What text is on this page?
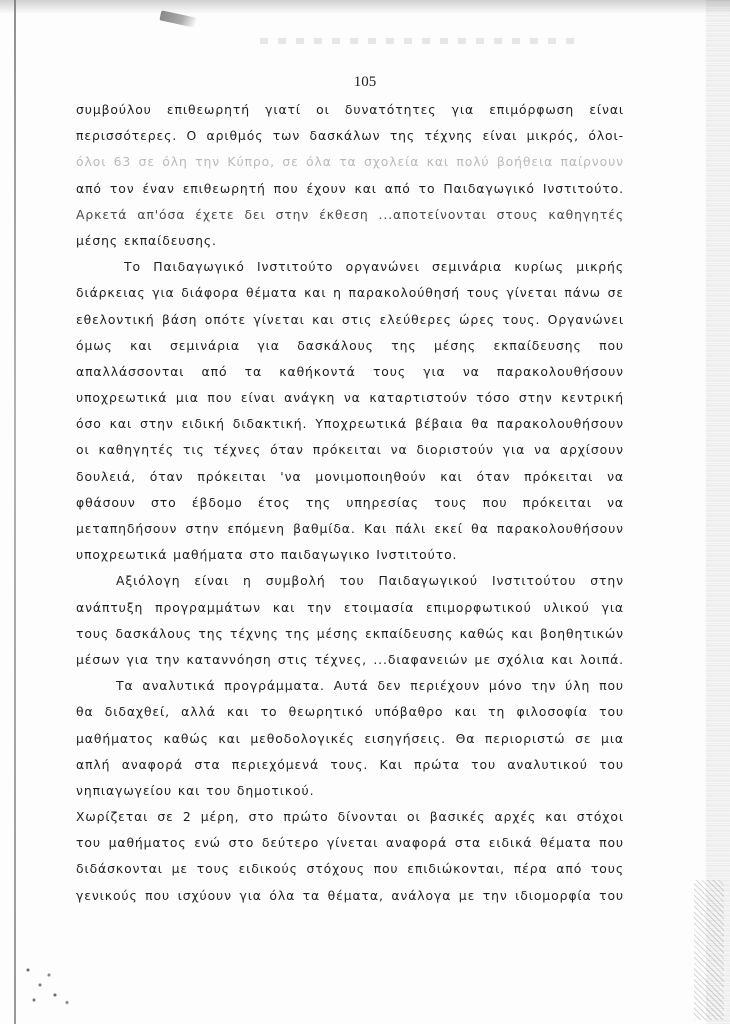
105
συμβούλου επιθεωρητή γιατί οι δυνατότητες για επιμόρφωση είναι
περισσότερες. Ο αριθμός των δασκάλων της τέχνης είναι μικρός, όλοι-
όλοι 63 σε όλη την Κύπρο, σε όλα τα σχολεία και πολύ βοήθεια παίρνουν
από τον έναν επιθεωρητή που έχουν και από το Παιδαγωγικό Ινστιτούτο.
Αρκετά απ'όσα έχετε δει στην έκθεση ...αποτείνονται στους καθηγητές
μέσης εκπαίδευσης.
Το Παιδαγωγικό Ινστιτούτο οργανώνει σεμινάρια κυρίως μικρής
διάρκειας για διάφορα θέματα και η παρακολούθησή τους γίνεται πάνω σε
εθελοντική βάση οπότε γίνεται και στις ελεύθερες ώρες τους. Οργανώνει
όμως και σεμινάρια για δασκάλους της μέσης εκπαίδευσης που
απαλλάσσονται από τα καθήκοντά τους για να παρακολουθήσουν
υποχρεωτικά μια που είναι ανάγκη να καταρτιστούν τόσο στην κεντρική
όσο και στην ειδική διδακτική. Υποχρεωτικά βέβαια θα παρακολουθήσουν
οι καθηγητές τις τέχνες όταν πρόκειται να διοριστούν για να αρχίσουν
δουλειά, όταν πρόκειται 'να μονιμοποιηθούν και όταν πρόκειται να
φθάσουν στο έβδομο έτος της υπηρεσίας τους που πρόκειται να
μεταπηδήσουν στην επόμενη βαθμίδα. Και πάλι εκεί θα παρακολουθήσουν
υποχρεωτικά μαθήματα στο παιδαγωγικο Ινστιτούτο.
Αξιόλογη είναι η συμβολή του Παιδαγωγικού Ινστιτούτου στην
ανάπτυξη προγραμμάτων και την ετοιμασία επιμορφωτικού υλικού για
τους δασκάλους της τέχνης της μέσης εκπαίδευσης καθώς και βοηθητικών
μέσων για την καταννόηση στις τέχνες, ...διαφανειών με σχόλια και λοιπά.
Τα αναλυτικά προγράμματα. Αυτά δεν περιέχουν μόνο την ύλη που
θα διδαχθεί, αλλά και το θεωρητικό υπόβαθρο και τη φιλοσοφία του
μαθήματος καθώς και μεθοδολογικές εισηγήσεις. Θα περιοριστώ σε μια
απλή αναφορά στα περιεχόμενά τους. Και πρώτα του αναλυτικού του
νηπιαγωγείου και του δημοτικού.
Χωρίζεται σε 2 μέρη, στο πρώτο δίνονται οι βασικές αρχές και στόχοι
του μαθήματος ενώ στο δεύτερο γίνεται αναφορά στα ειδικά θέματα που
διδάσκονται με τους ειδικούς στόχους που επιδιώκονται, πέρα από τους
γενικούς που ισχύουν για όλα τα θέματα, ανάλογα με την ιδιομορφία του
